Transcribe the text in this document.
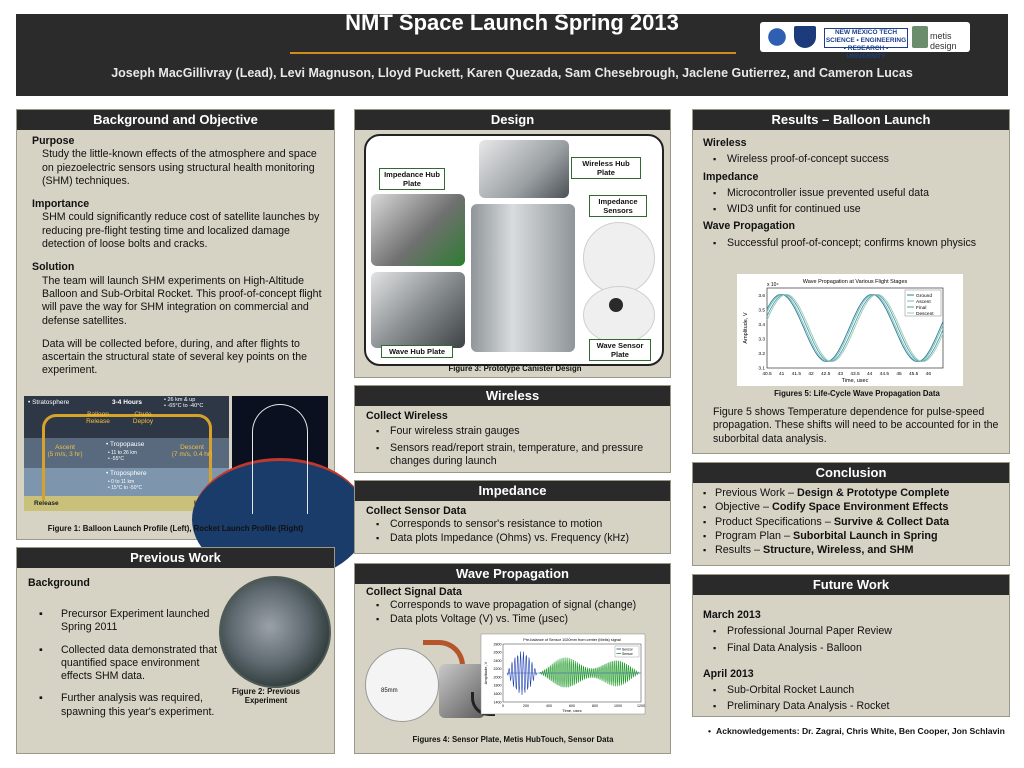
NMT Space Launch Spring 2013
Joseph MacGillivray (Lead), Levi Magnuson, Lloyd Puckett, Karen Quezada, Sam Chesebrough, Jaclene Gutierrez, and Cameron Lucas
NEW MEXICO TECH SCIENCE • ENGINEERING • RESEARCH • UNIVERSITY
metis design
Background and Objective
Purpose
Study the little-known effects of the atmosphere and space on piezoelectric sensors using structural health monitoring (SHM) techniques.
Importance
SHM could significantly reduce cost of satellite launches by reducing pre-flight testing time and localized damage detection of loose bolts and cracks.
Solution
The team will launch SHM experiments on High-Altitude Balloon and Sub-Orbital Rocket. This proof-of-concept flight will pave the way for SHM integration on commercial and defense satellites.
Data will be collected before, during, and after flights to ascertain the structural state of several key points on the experiment.
• Stratosphere	3-4 Hours	• 26 km & up
• -65°C to -40°C
Balloon Release
Chute Deploy
• Tropopause
• 11 to 26 km
• -55°C
Ascent
(5 m/s, 3 hr)
Descent
(7 m/s, 0.4 hr)
• Troposphere
• 0 to 11 km
• 15°C to -50°C
Release
Figure 1: Balloon Launch Profile (Left), Rocket Launch Profile (Right)
Previous Work
Background
▪ Precursor Experiment launched Spring 2011
▪ Collected data demonstrated that quantified space environment effects SHM data.
▪ Further analysis was required, spawning this year's experiment.
Figure 2: Previous Experiment
Design
Impedance Hub Plate
Wireless Hub Plate
Impedance Sensors
Wave Hub Plate
Wave Sensor Plate
Figure 3: Prototype Canister Design
Wireless
Collect Wireless
▪ Four wireless strain gauges
▪ Sensors read/report strain, temperature, and pressure changes during launch
Impedance
Collect Sensor Data
▪ Corresponds to sensor's resistance to motion
▪ Data plots Impedance (Ohms) vs. Frequency (kHz)
Wave Propagation
Collect Signal Data
▪ Corresponds to wave propagation of signal (change)
▪ Data plots Voltage (V) vs. Time (μsec)
85mm
Pre-balance of Sensor 1020mm from center (Metis) signal
Time, usec
Amplitude, V
0	200	400	600	800	1000	1200
2800
2600
2400
2200
2000
1800
1600
1400
Sensor
Sensor
Figures 4: Sensor Plate, Metis HubTouch, Sensor Data
Results – Balloon Launch
Wireless
▪ Wireless proof-of-concept success
Impedance
▪ Microcontroller issue prevented useful data
▪ WID3 unfit for continued use
Wave Propagation
▪ Successful proof-of-concept; confirms known physics
Wave Propagation at Various Flight Stages
x 10⁴
Time, usec
Amplitude, V
40.5 41 41.5 42 42.5 43 43.5 44 44.5 45 45.5 46
3.6
3.5
3.4
3.3
3.2
3.1
Ground
Ascent
Final
Descent
Figures 5: Life-Cycle Wave Propagation Data
Figure 5 shows Temperature dependence for pulse-speed propagation. These shifts will need to be accounted for in the suborbital data analysis.
Conclusion
▪ Previous Work – Design & Prototype Complete
▪ Objective – Codify Space Environment Effects
▪ Product Specifications – Survive & Collect Data
▪ Program Plan – Suborbital Launch in Spring
▪ Results – Structure, Wireless, and SHM
Future Work
March 2013
▪ Professional Journal Paper Review
▪ Final Data Analysis - Balloon
April 2013
▪ Sub-Orbital Rocket Launch
▪ Preliminary Data Analysis - Rocket
• Acknowledgements: Dr. Zagrai, Chris White, Ben Cooper, Jon Schlavin
